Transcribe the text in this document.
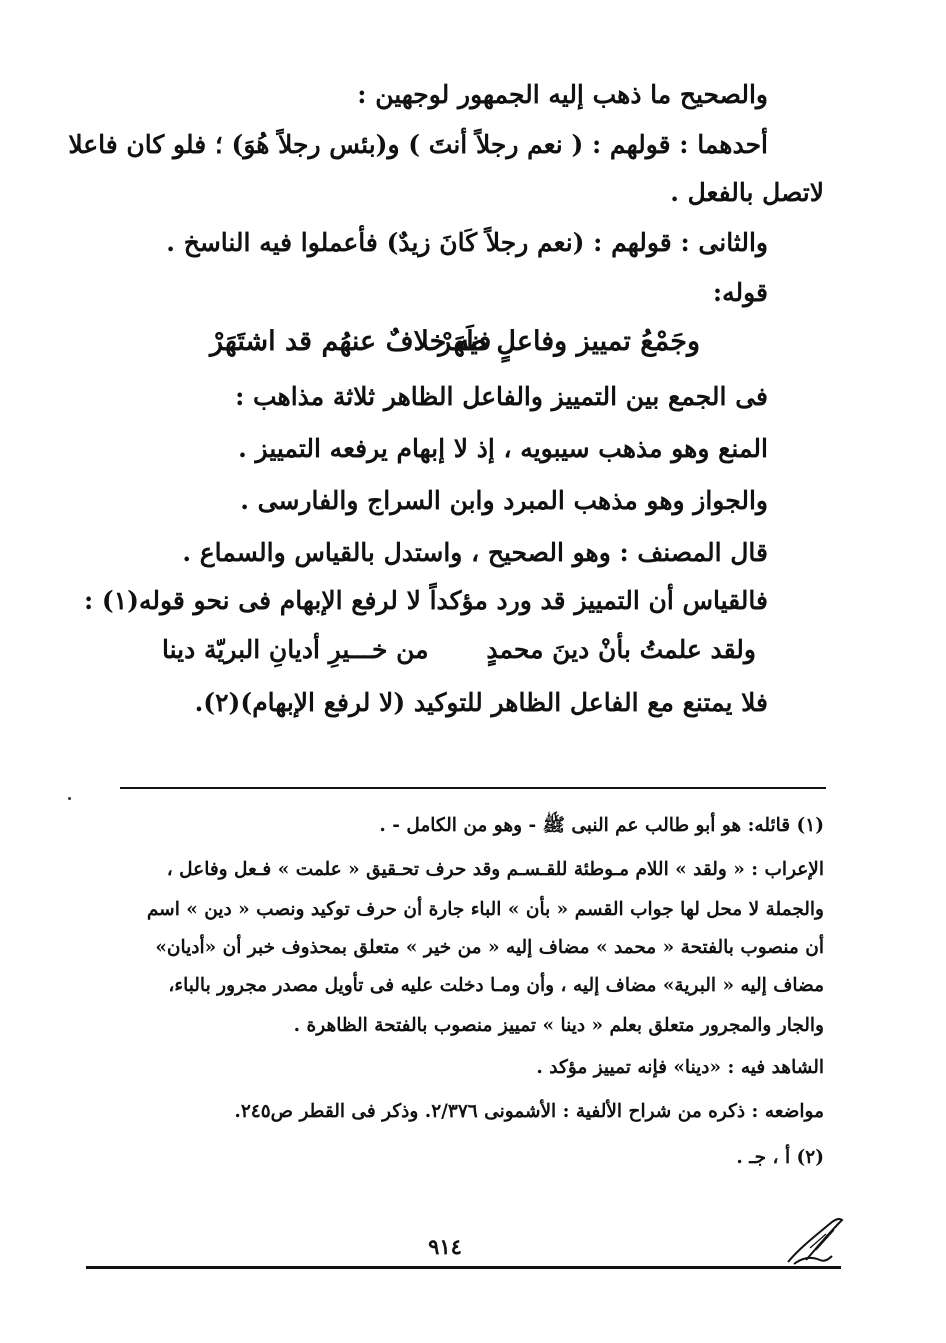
والصحيح ما ذهب إليه الجمهور لوجهين :
أحدهما : قولهم : ( نعم رجلاً أنتَ ) و(بئس رجلاً هُوَ) ؛ فلو كان فاعلا
لاتصل بالفعل .
والثانى : قولهم : (نعم رجلاً كَانَ زيدٌ) فأعملوا فيه الناسخ .
قوله:
وجَمْعُ تمييز وفاعلٍ ظَهَرْ
فيه خلافٌ عنهُم قد اشتَهَرْ
فى الجمع بين التمييز والفاعل الظاهر ثلاثة مذاهب :
المنع وهو مذهب سيبويه ، إذ لا إبهام يرفعه التمييز .
والجواز وهو مذهب المبرد وابن السراج والفارسى .
قال المصنف : وهو الصحيح ، واستدل بالقياس والسماع .
فالقياس أن التمييز قد ورد مؤكداً لا لرفع الإبهام فى نحو قوله(١) :
ولقد علمتُ بأنْ دينَ محمدٍ
من خـــيرِ أديانِ البريّة دينا
فلا يمتنع مع الفاعل الظاهر للتوكيد (لا لرفع الإبهام)(٢).
(١) قائله: هو أبو طالب عم النبى ﷺ - وهو من الكامل - .
الإعراب : « ولقد » اللام مـوطئة للقـسـم وقد حرف تحـقيق « علمت » فـعل وفاعل ،
والجملة لا محل لها جواب القسم « بأن » الباء جارة أن حرف توكيد ونصب « دين » اسم
أن منصوب بالفتحة « محمد » مضاف إليه « من خير » متعلق بمحذوف خبر أن «أديان»
مضاف إليه « البرية» مضاف إليه ، وأن ومـا دخلت عليه فى تأويل مصدر مجرور بالباء،
والجار والمجرور متعلق بعلم « دينا » تمييز منصوب بالفتحة الظاهرة .
الشاهد فيه : «دينا» فإنه تمييز مؤكد .
مواضعه : ذكره من شراح الألفية : الأشمونى ٢/٣٧٦. وذكر فى القطر ص٢٤٥.
(٢) أ ، جـ .
٩١٤
